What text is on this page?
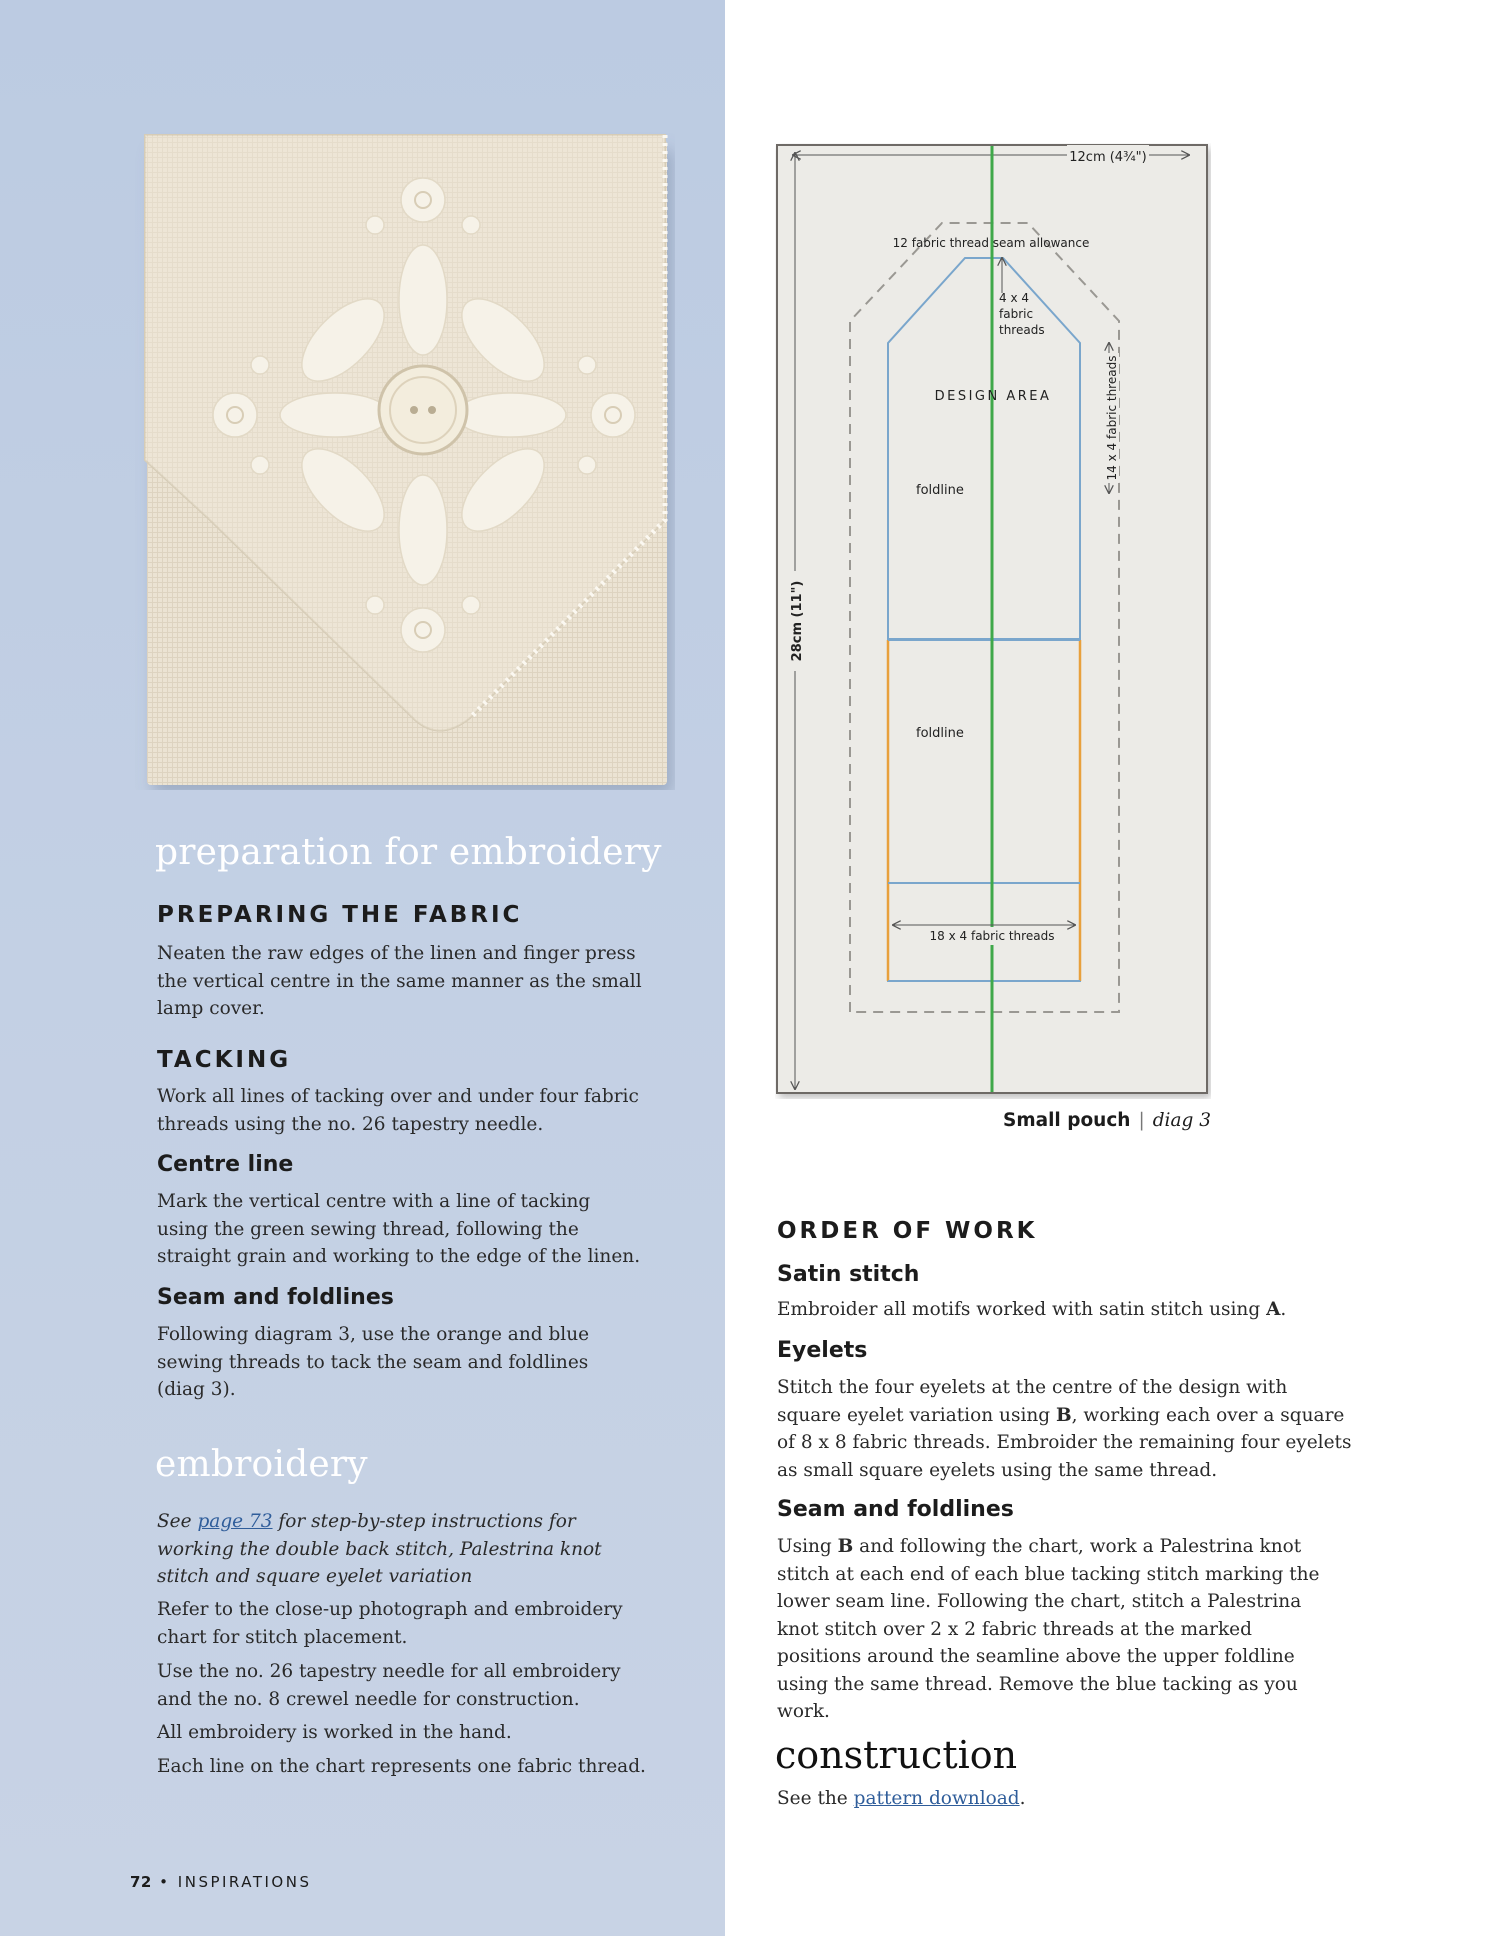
preparation for embroidery
PREPARING THE FABRIC

Neaten the raw edges of the linen and finger press the vertical centre in the same manner as the small lamp cover.

TACKING

Work all lines of tacking over and under four fabric threads using the no. 26 tapestry needle.

Centre line

Mark the vertical centre with a line of tacking using the green sewing thread, following the straight grain and working to the edge of the linen.

Seam and foldlines

Following diagram 3, use the orange and blue sewing threads to tack the seam and foldlines (diag 3).

embroidery

See page 73 for step-by-step instructions for working the double back stitch, Palestrina knot stitch and square eyelet variation

Refer to the close-up photograph and embroidery chart for stitch placement.

Use the no. 26 tapestry needle for all embroidery and the no. 8 crewel needle for construction.

All embroidery is worked in the hand.

Each line on the chart represents one fabric thread.

72 • INSPIRATIONS
12cm (4¾")
28cm (11")
12 fabric thread seam allowance
4 x 4
fabric
threads
DESIGN AREA	14 x 4 fabric threads
foldline
foldline
18 x 4 fabric threads
Small pouch | diag 3
ORDER OF WORK
Satin stitch

Embroider all motifs worked with satin stitch using A.

Eyelets

Stitch the four eyelets at the centre of the design with square eyelet variation using B, working each over a square of 8 x 8 fabric threads. Embroider the remaining four eyelets as small square eyelets using the same thread.

Seam and foldlines

Using B and following the chart, work a Palestrina knot stitch at each end of each blue tacking stitch marking the lower seam line. Following the chart, stitch a Palestrina knot stitch over 2 x 2 fabric threads at the marked positions around the seamline above the upper foldline using the same thread. Remove the blue tacking as you work.

construction

See the pattern download.
